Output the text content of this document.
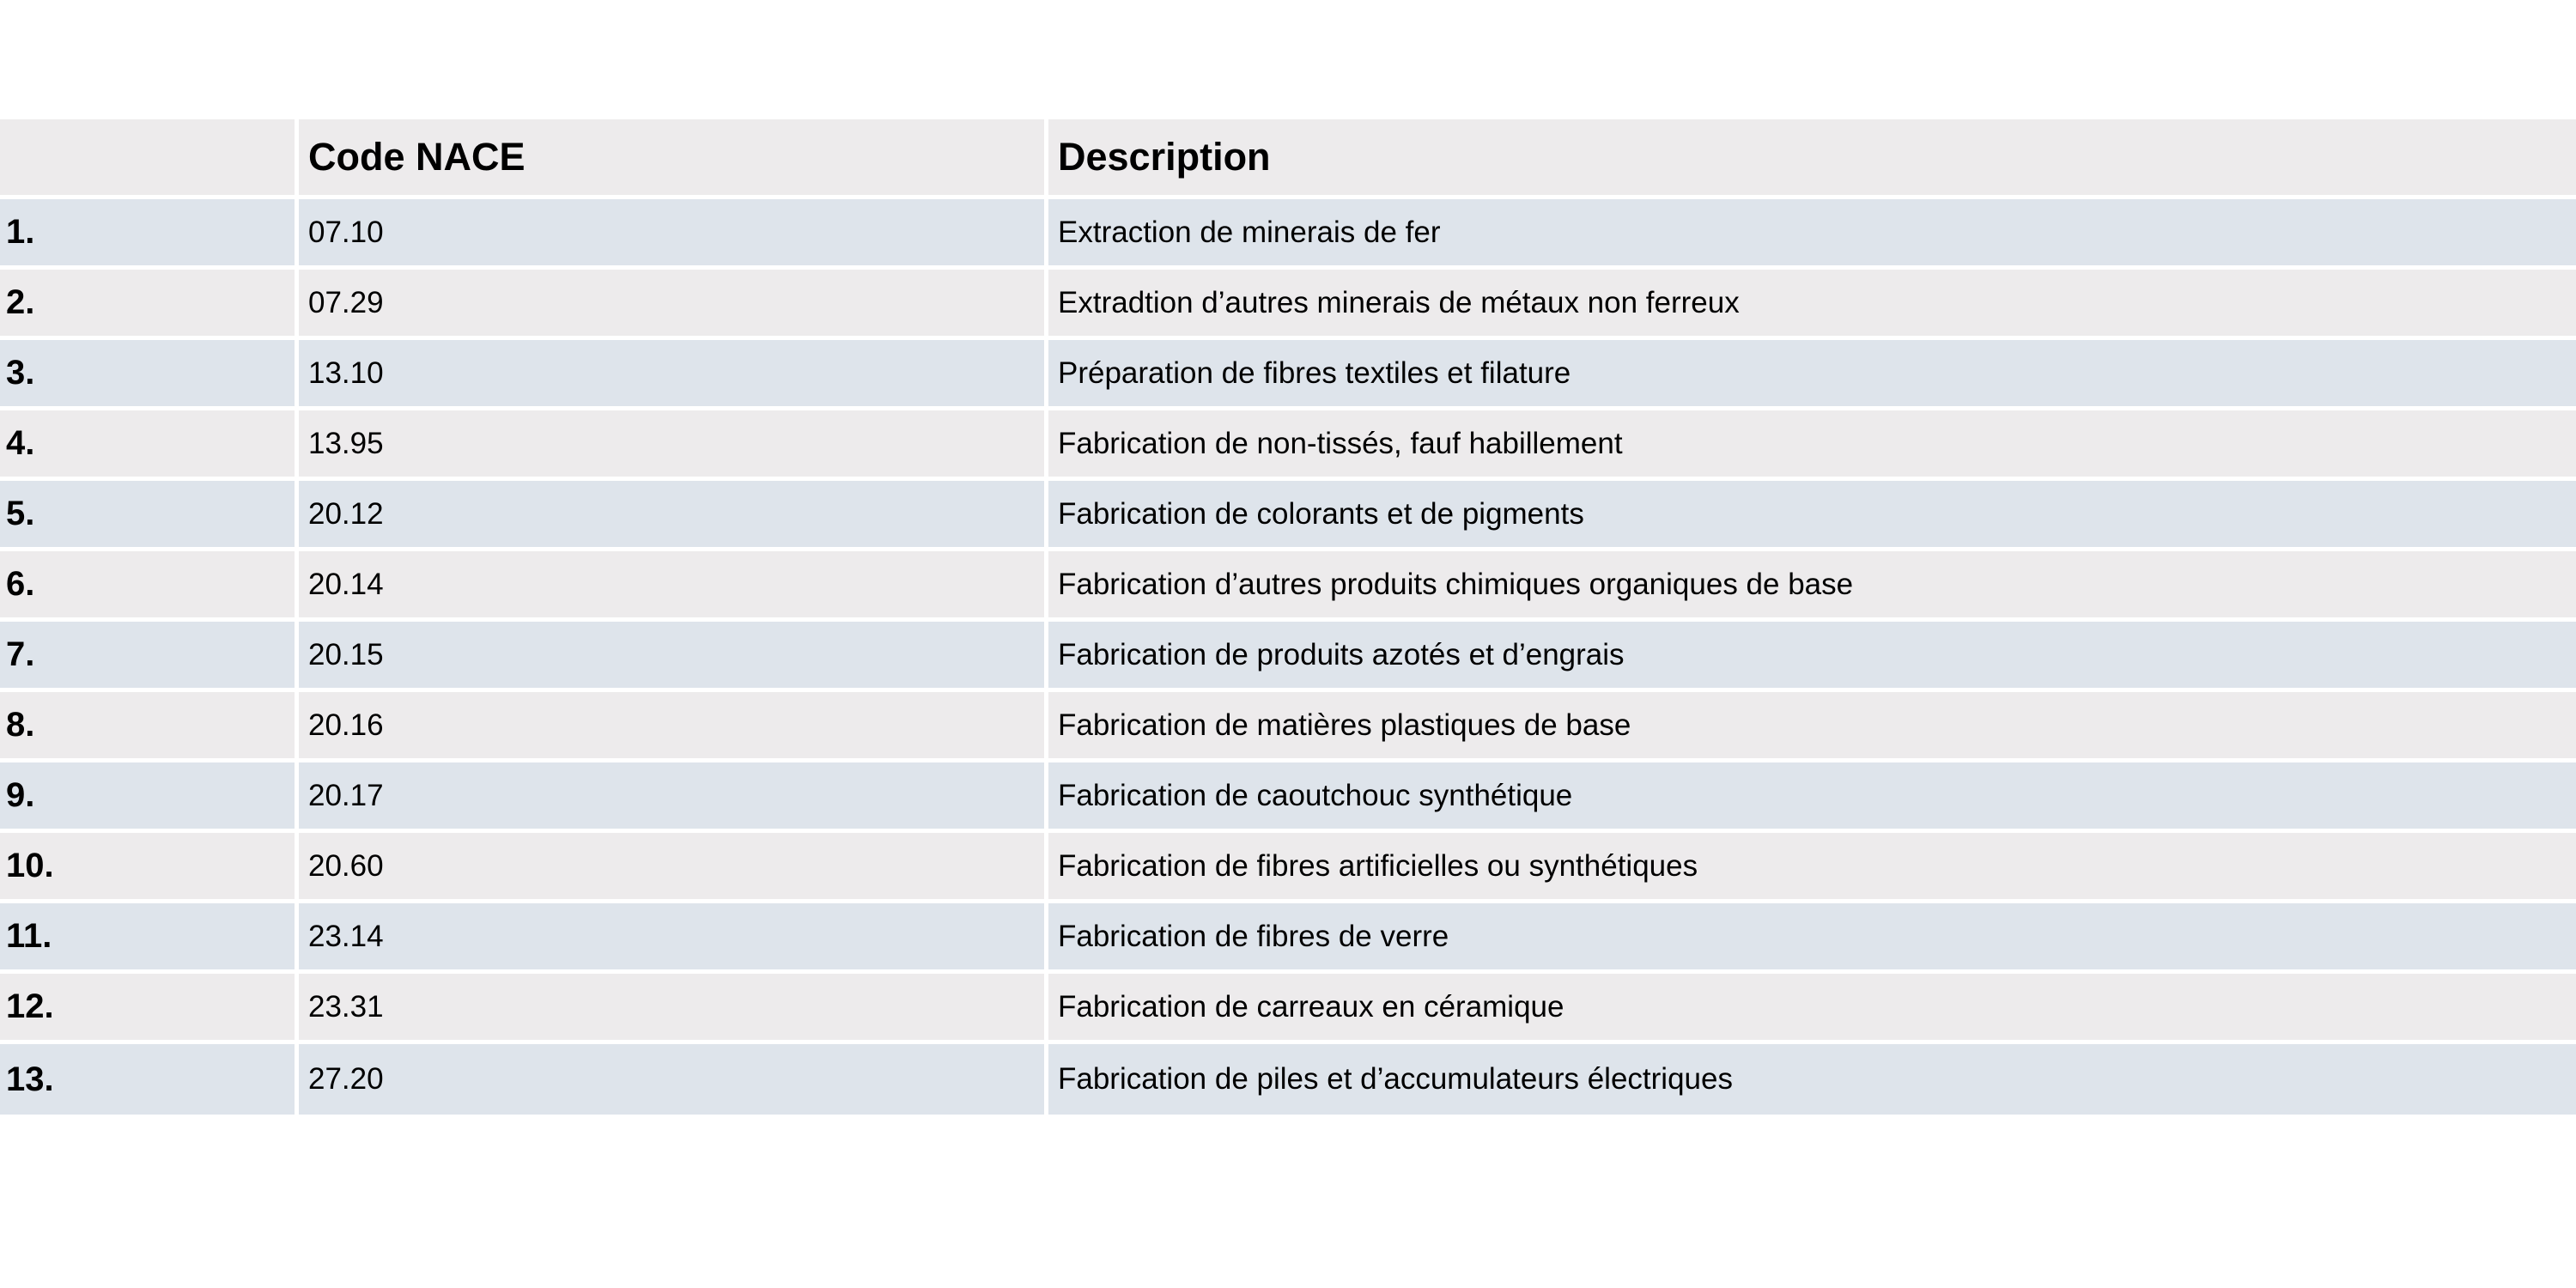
	Code NACE	Description
1.	07.10	Extraction de minerais de fer
2.	07.29	Extradtion d’autres minerais de métaux non ferreux
3.	13.10	Préparation de fibres textiles et filature
4.	13.95	Fabrication de non-tissés, fauf habillement
5.	20.12	Fabrication de colorants et de pigments
6.	20.14	Fabrication d’autres produits chimiques organiques de base
7.	20.15	Fabrication de produits azotés et d’engrais
8.	20.16	Fabrication de matières plastiques de base
9.	20.17	Fabrication de caoutchouc synthétique
10.	20.60	Fabrication de fibres artificielles ou synthétiques
11.	23.14	Fabrication de fibres de verre
12.	23.31	Fabrication de carreaux en céramique
13.	27.20	Fabrication de piles et d’accumulateurs électriques
